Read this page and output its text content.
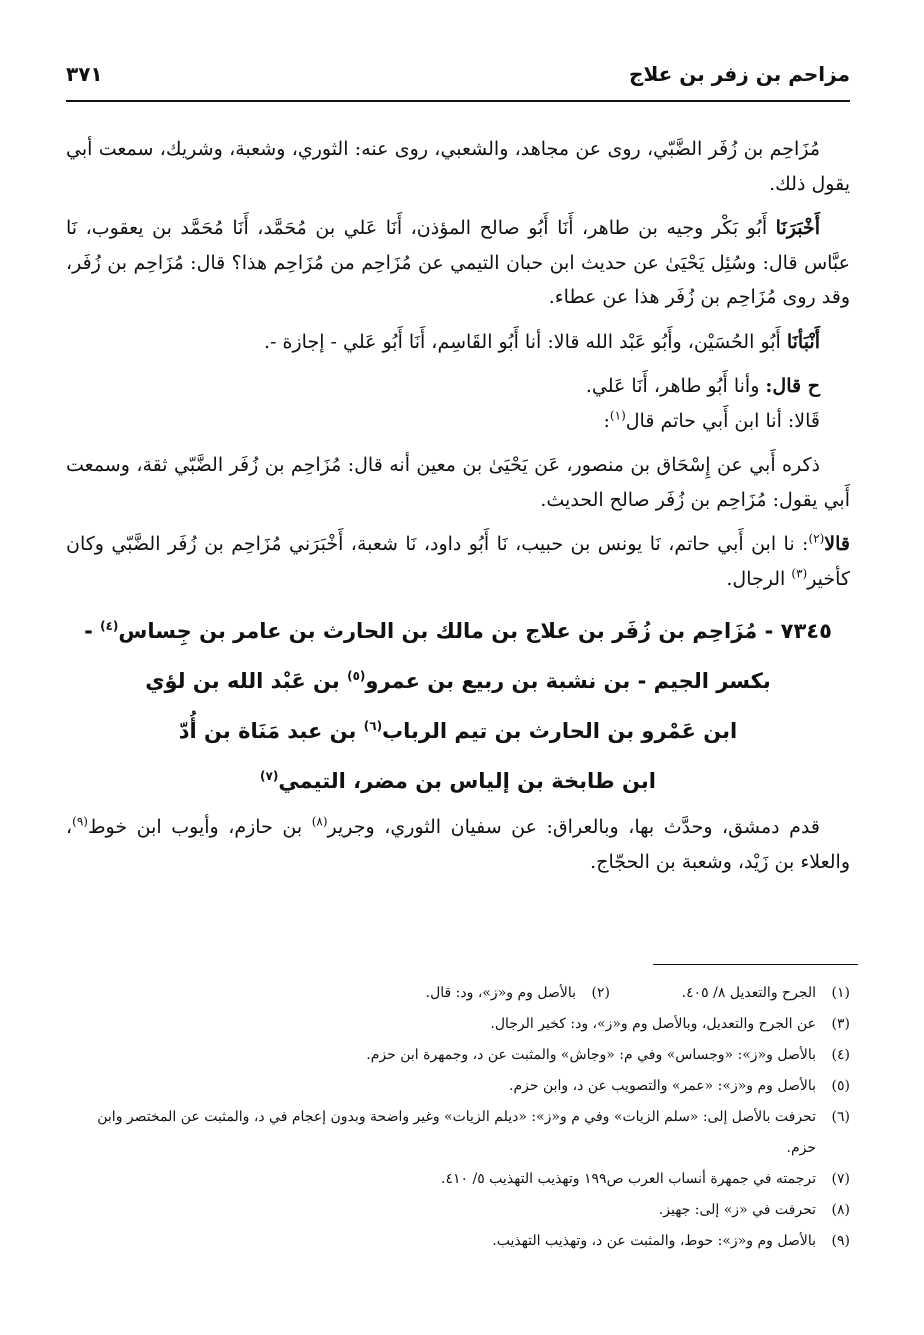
مزاحم بن زفر بن علاج
٣٧١

مُزَاحِم بن زُفَر الضَّبّي، روى عن مجاهد، والشعبي، روى عنه: الثوري، وشعبة، وشريك، سمعت أبي يقول ذلك.

أَخْبَرَنَا أَبُو بَكْر وجيه بن طاهر، أَنَا أَبُو صالح المؤذن، أَنَا عَلي بن مُحَمَّد، أَنَا مُحَمَّد بن يعقوب، نَا عبَّاس قال: وسُئِل يَحْيَىٰ عن حديث ابن حبان التيمي عن مُزَاحِم من مُزَاحِم هذا؟ قال: مُزَاحِم بن زُفَر، وقد روى مُزَاحِم بن زُفَر هذا عن عطاء.

أَنْبَأنَا أَبُو الحُسَيْن، وأَبُو عَبْد الله قالا: أنا أَبُو القَاسِم، أَنَا أَبُو عَلي - إجازة -.

ح قال: وأنا أَبُو طاهر، أَنَا عَلي.

قَالا: أنا ابن أَبي حاتم قال$^{(١)}$:

ذكره أَبي عن إِسْحَاق بن منصور، عَن يَحْيَىٰ بن معين أنه قال: مُزَاحِم بن زُفَر الضَّبّي ثقة، وسمعت أَبي يقول: مُزَاحِم بن زُفَر صالح الحديث.

قالا$^{(٢)}$: نا ابن أَبي حاتم، نَا يونس بن حبيب، نَا أَبُو داود، نَا شعبة، أَخْبَرَني مُزَاحِم بن زُفَر الضَّبّي وكان كأخير$^{(٣)}$ الرجال.

٧٣٤٥ - مُزَاحِم بن زُفَر بن علاج بن مالك بن الحارث بن عامر بن جِساس$^{(٤)}$ -
بكسر الجيم - بن نشبة بن ربيع بن عمرو$^{(٥)}$ بن عَبْد الله بن لؤي
ابن عَمْرو بن الحارث بن تيم الرباب$^{(٦)}$ بن عبد مَنَاة بن أُدّ
ابن طابخة بن إلياس بن مضر، التيمي$^{(٧)}$

قدم دمشق، وحدَّث بها، وبالعراق: عن سفيان الثوري، وجرير$^{(٨)}$ بن حازم، وأيوب ابن خوط$^{(٩)}$، والعلاء بن زَيْد، وشعبة بن الحجّاج.

(١)
الجرح والتعديل ٨/ ٤٠٥.
(٢)
بالأصل وم و«ز»، ود: قال.
(٣)
عن الجرح والتعديل، وبالأصل وم و«ز»، ود: كخير الرجال.
(٤)
بالأصل و«ز»: «وجساس» وفي م: «وجاش» والمثبت عن د، وجمهرة ابن حزم.
(٥)
بالأصل وم و«ز»: «عمر» والتصويب عن د، وابن حزم.
(٦)
تحرفت بالأصل إلى: «سلم الزيات» وفي م و«ز»: «ديلم الزيات» وغير واضحة وبدون إعجام في د، والمثبت عن المختصر وابن حزم.
(٧)
ترجمته في جمهرة أنساب العرب ص١٩٩ وتهذيب التهذيب ٥/ ٤١٠.
(٨)
تحرفت في «ز» إلى: جهيز.
(٩)
بالأصل وم و«ز»: حوط، والمثبت عن د، وتهذيب التهذيب.
